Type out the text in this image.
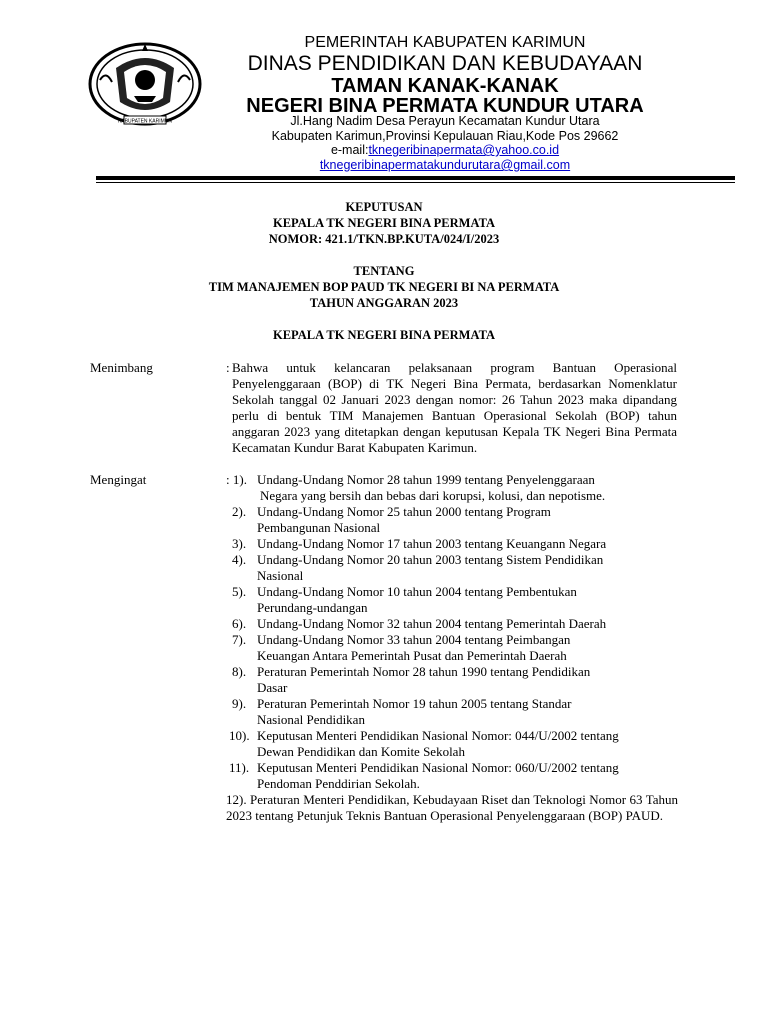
KABUPATEN KARIMUN
PEMERINTAH KABUPATEN KARIMUN
DINAS PENDIDIKAN DAN KEBUDAYAAN
TAMAN KANAK-KANAK
NEGERI BINA PERMATA KUNDUR UTARA
Jl.Hang Nadim Desa Perayun Kecamatan Kundur Utara
Kabupaten Karimun,Provinsi Kepulauan Riau,Kode Pos 29662
e-mail:tknegeribinapermata@yahoo.co.id
tknegeribinapermatakundurutara@gmail.com
KEPUTUSAN
KEPALA TK NEGERI BINA PERMATA
NOMOR: 421.1/TKN.BP.KUTA/024/I/2023
TENTANG
TIM MANAJEMEN BOP PAUD TK NEGERI BI NA PERMATA
TAHUN ANGGARAN 2023
KEPALA TK NEGERI BINA PERMATA
Menimbang	: Bahwa untuk kelancaran pelaksanaan program Bantuan Operasional Penyelenggaraan (BOP) di TK Negeri Bina Permata, berdasarkan Nomenklatur Sekolah tanggal 02 Januari 2023 dengan nomor: 26 Tahun 2023 maka dipandang perlu di bentuk TIM Manajemen Bantuan Operasional Sekolah (BOP) tahun anggaran 2023 yang ditetapkan dengan keputusan Kepala TK Negeri Bina Permata Kecamatan Kundur Barat Kabupaten Karimun.
Mengingat	: 1). Undang-Undang Nomor 28 tahun 1999 tentang Penyelenggaraan
Negara yang bersih dan bebas dari korupsi, kolusi, dan nepotisme.
2). Undang-Undang Nomor 25 tahun 2000 tentang Program
Pembangunan Nasional
3). Undang-Undang Nomor 17 tahun 2003 tentang Keuangann Negara
4). Undang-Undang Nomor 20 tahun 2003 tentang Sistem Pendidikan
Nasional
5). Undang-Undang Nomor 10 tahun 2004 tentang Pembentukan
Perundang-undangan
6). Undang-Undang Nomor 32 tahun 2004 tentang Pemerintah Daerah
7). Undang-Undang Nomor 33 tahun 2004 tentang Peimbangan
Keuangan Antara Pemerintah Pusat dan Pemerintah Daerah
8). Peraturan Pemerintah Nomor 28 tahun 1990 tentang Pendidikan
Dasar
9). Peraturan Pemerintah Nomor 19 tahun 2005 tentang Standar
Nasional Pendidikan
10). Keputusan Menteri Pendidikan Nasional Nomor: 044/U/2002 tentang
Dewan Pendidikan dan Komite Sekolah
11). Keputusan Menteri Pendidikan Nasional Nomor: 060/U/2002 tentang
Pendoman Penddirian Sekolah.
12). Peraturan Menteri Pendidikan, Kebudayaan Riset dan Teknologi Nomor 63 Tahun 2023 tentang Petunjuk Teknis Bantuan Operasional Penyelenggaraan (BOP) PAUD.
